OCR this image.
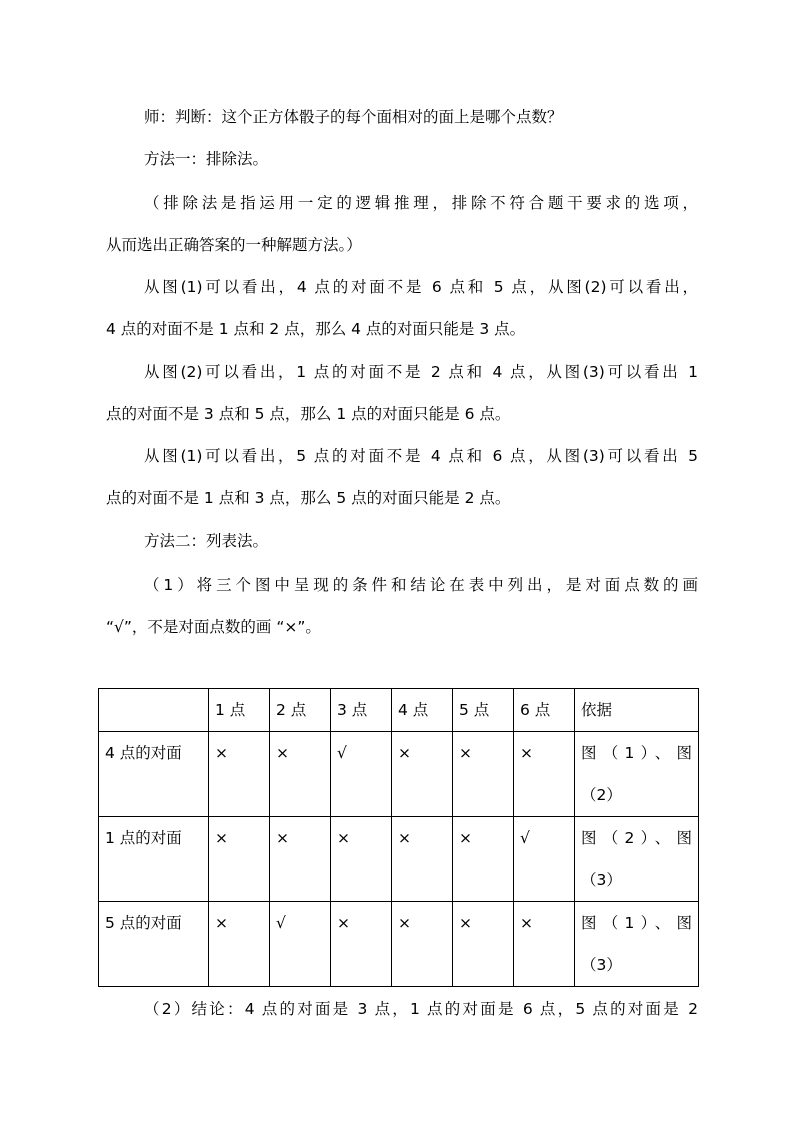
师：判断：这个正方体骰子的每个面相对的面上是哪个点数？

方法一：排除法。

（排除法是指运用一定的逻辑推理，排除不符合题干要求的选项，
从而选出正确答案的一种解题方法。）
从图(1)可以看出，4 点的对面不是 6 点和 5 点，从图(2)可以看出，
4 点的对面不是 1 点和 2 点，那么 4 点的对面只能是 3 点。
从图(2)可以看出，1 点的对面不是 2 点和 4 点，从图(3)可以看出 1
点的对面不是 3 点和 5 点，那么 1 点的对面只能是 6 点。
从图(1)可以看出，5 点的对面不是 4 点和 6 点，从图(3)可以看出 5
点的对面不是 1 点和 3 点，那么 5 点的对面只能是 2 点。

方法二：列表法。

（1）将三个图中呈现的条件和结论在表中列出，是对面点数的画
“√”，不是对面点数的画 “×”。
	1 点	2 点	3 点	4 点	5 点	6 点	依据
4 点的对面	×	×	√	×	×	×	图（1）、图
（2）
1 点的对面	×	×	×	×	×	√	图（2）、图
（3）
5 点的对面	×	√	×	×	×	×	图（1）、图
（3）
（2）结论：4 点的对面是 3 点，1 点的对面是 6 点，5 点的对面是 2
